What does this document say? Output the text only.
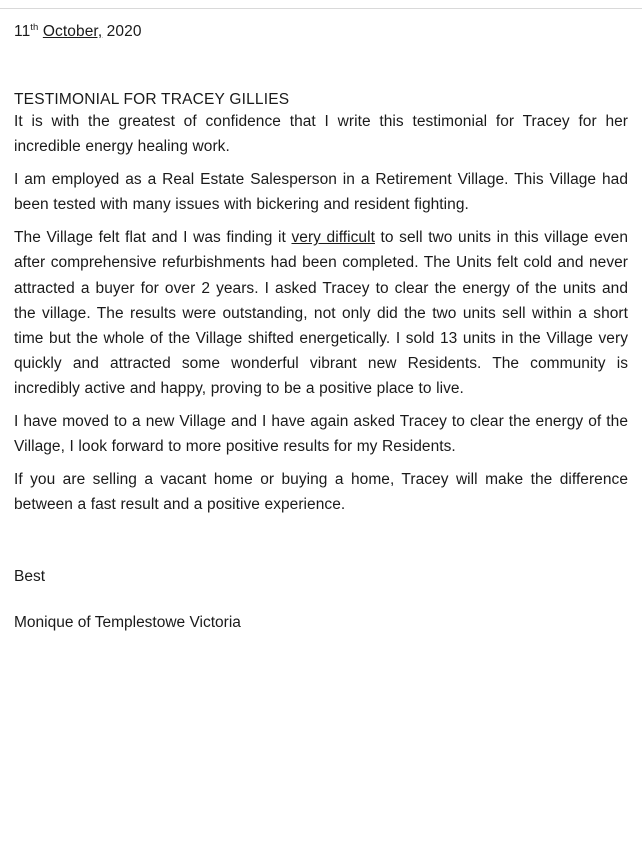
11th October, 2020

TESTIMONIAL FOR TRACEY GILLIES

It is with the greatest of confidence that I write this testimonial for Tracey for her incredible energy healing work.

I am employed as a Real Estate Salesperson in a Retirement Village. This Village had been tested with many issues with bickering and resident fighting.

The Village felt flat and I was finding it very difficult to sell two units in this village even after comprehensive refurbishments had been completed. The Units felt cold and never attracted a buyer for over 2 years. I asked Tracey to clear the energy of the units and the village. The results were outstanding, not only did the two units sell within a short time but the whole of the Village shifted energetically. I sold 13 units in the Village very quickly and attracted some wonderful vibrant new Residents. The community is incredibly active and happy, proving to be a positive place to live.

I have moved to a new Village and I have again asked Tracey to clear the energy of the Village, I look forward to more positive results for my Residents.

If you are selling a vacant home or buying a home, Tracey will make the difference between a fast result and a positive experience.

Best

Monique of Templestowe Victoria
